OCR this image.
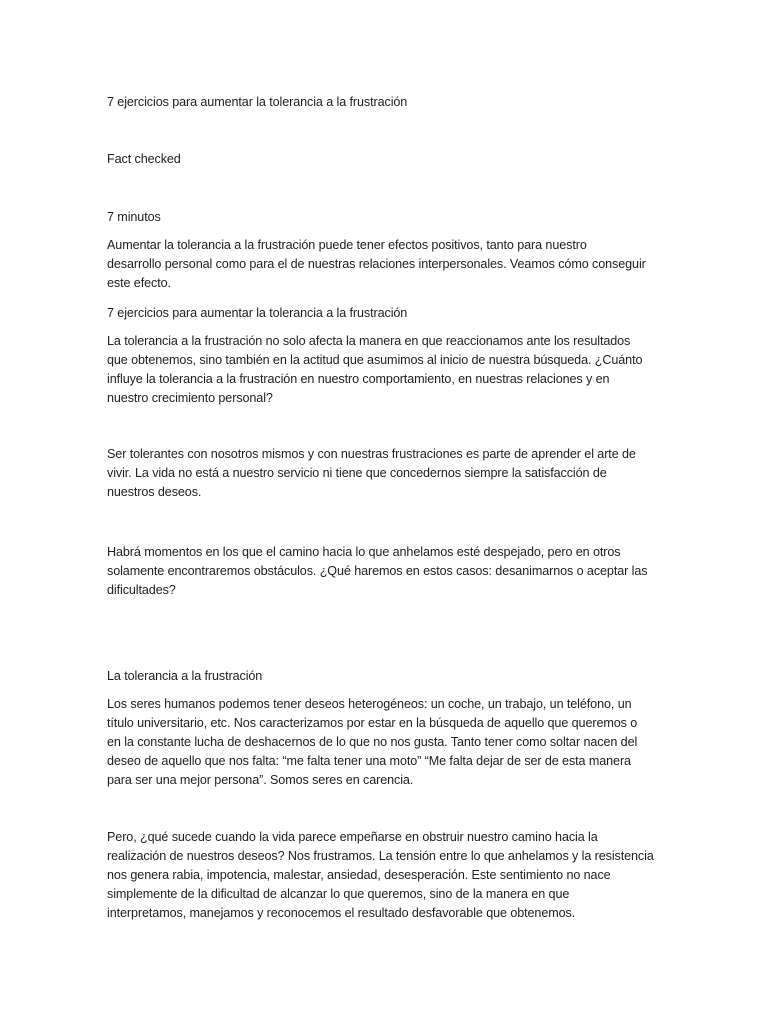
7 ejercicios para aumentar la tolerancia a la frustración

Fact checked

7 minutos

Aumentar la tolerancia a la frustración puede tener efectos positivos, tanto para nuestro
desarrollo personal como para el de nuestras relaciones interpersonales. Veamos cómo conseguir
este efecto.

7 ejercicios para aumentar la tolerancia a la frustración

La tolerancia a la frustración no solo afecta la manera en que reaccionamos ante los resultados
que obtenemos, sino también en la actitud que asumimos al inicio de nuestra búsqueda. ¿Cuánto
influye la tolerancia a la frustración en nuestro comportamiento, en nuestras relaciones y en
nuestro crecimiento personal?

Ser tolerantes con nosotros mismos y con nuestras frustraciones es parte de aprender el arte de
vivir. La vida no está a nuestro servicio ni tiene que concedernos siempre la satisfacción de
nuestros deseos.

Habrá momentos en los que el camino hacia lo que anhelamos esté despejado, pero en otros
solamente encontraremos obstáculos. ¿Qué haremos en estos casos: desanimarnos o aceptar las
dificultades?

La tolerancia a la frustración

Los seres humanos podemos tener deseos heterogéneos: un coche, un trabajo, un teléfono, un
título universitario, etc. Nos caracterizamos por estar en la búsqueda de aquello que queremos o
en la constante lucha de deshacernos de lo que no nos gusta. Tanto tener como soltar nacen del
deseo de aquello que nos falta: “me falta tener una moto” “Me falta dejar de ser de esta manera
para ser una mejor persona”. Somos seres en carencia.

Pero, ¿qué sucede cuando la vida parece empeñarse en obstruir nuestro camino hacia la
realización de nuestros deseos? Nos frustramos. La tensión entre lo que anhelamos y la resistencia
nos genera rabia, impotencia, malestar, ansiedad, desesperación. Este sentimiento no nace
simplemente de la dificultad de alcanzar lo que queremos, sino de la manera en que
interpretamos, manejamos y reconocemos el resultado desfavorable que obtenemos.
